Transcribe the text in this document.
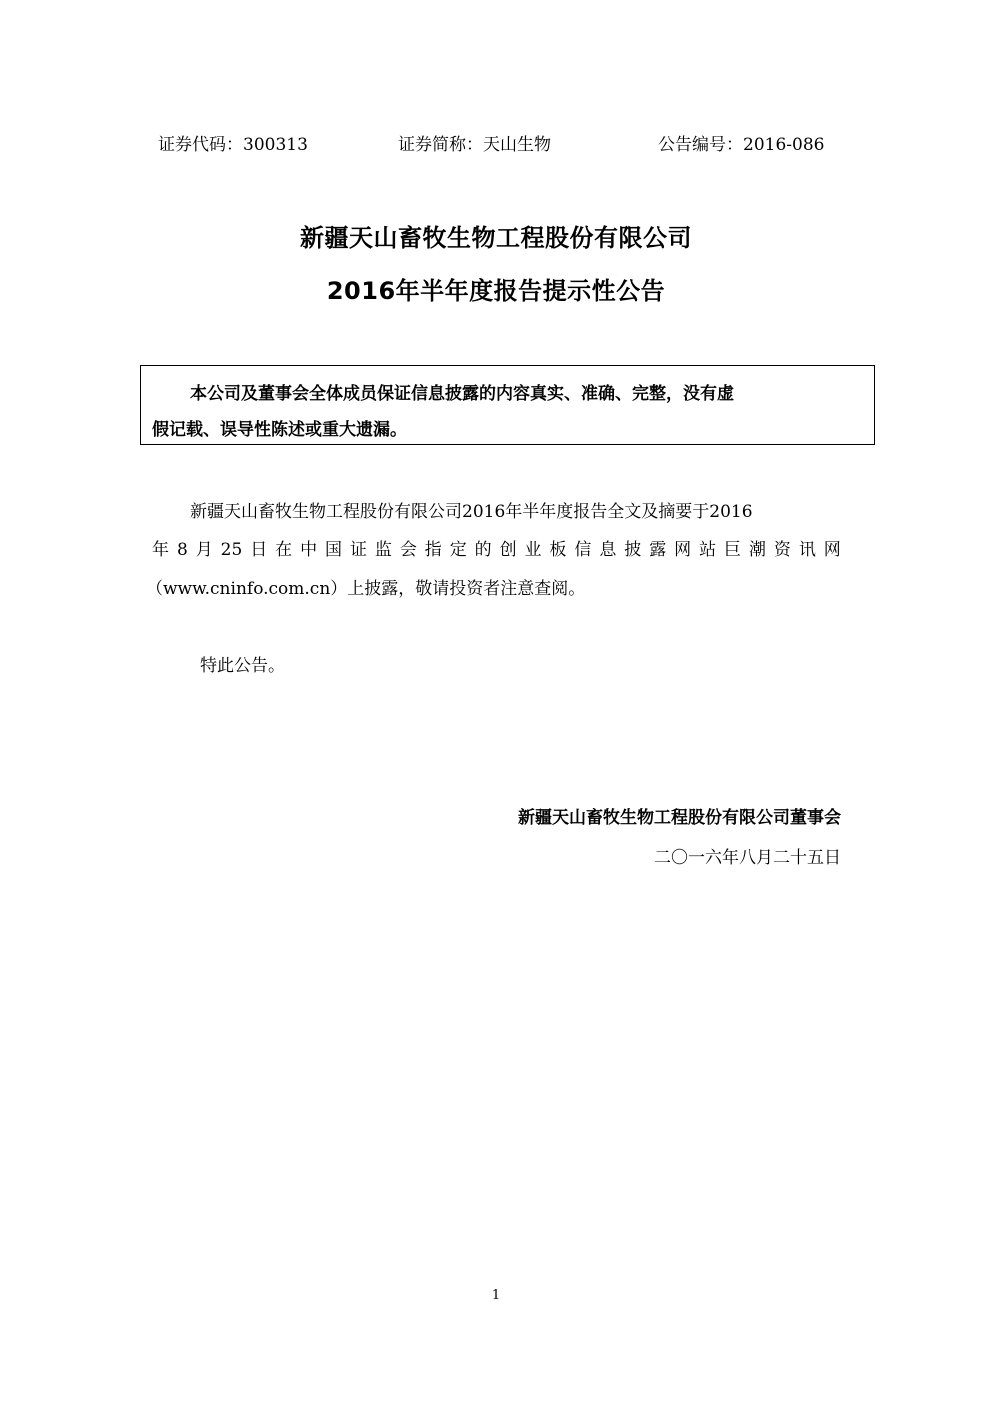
证券代码：300313	证券简称：天山生物	公告编号：2016-086
新疆天山畜牧生物工程股份有限公司
2016年半年度报告提示性公告
本公司及董事会全体成员保证信息披露的内容真实、准确、完整，没有虚
假记载、误导性陈述或重大遗漏。
新疆天山畜牧生物工程股份有限公司2016年半年度报告全文及摘要于2016
年 8 月 25 日 在 中 国 证 监 会 指 定 的 创 业 板 信 息 披 露 网 站 巨 潮 资 讯 网
（www.cninfo.com.cn）上披露，敬请投资者注意查阅。
特此公告。
新疆天山畜牧生物工程股份有限公司董事会
二〇一六年八月二十五日
1
